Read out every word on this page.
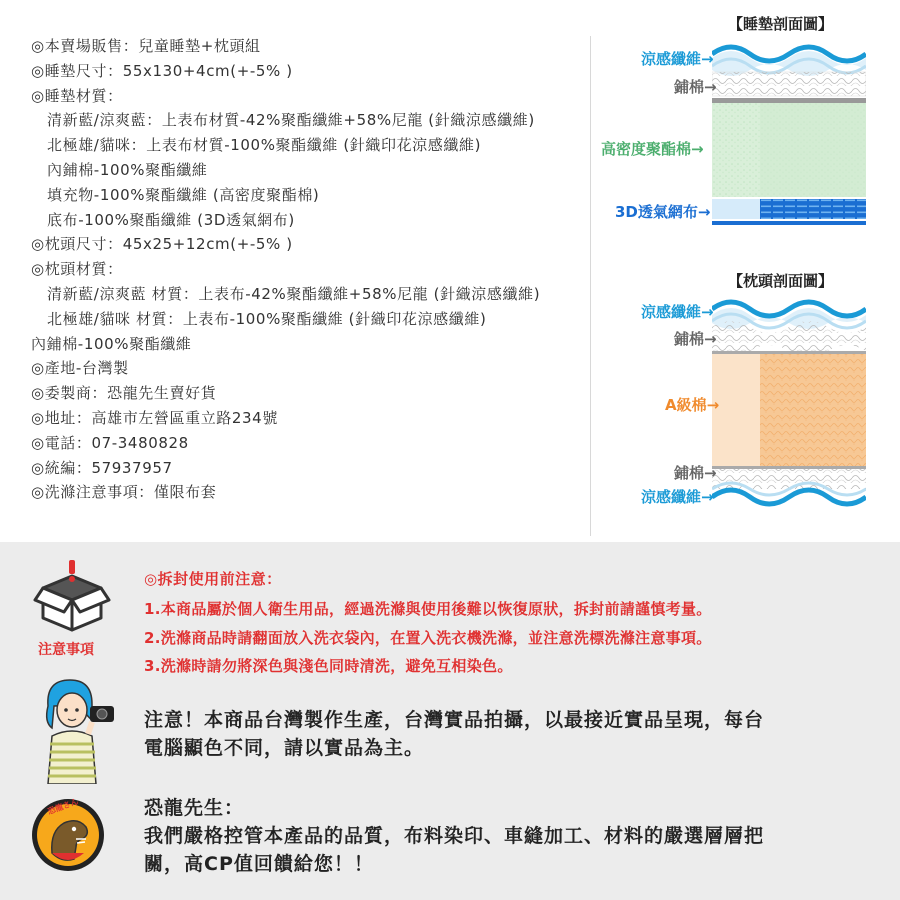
◎本賣場販售：兒童睡墊+枕頭組
◎睡墊尺寸：55x130+4cm(+-5% )
◎睡墊材質：
清新藍/涼爽藍：上表布材質-42%聚酯纖維+58%尼龍 (針織涼感纖維)
北極雄/貓咪：上表布材質-100%聚酯纖維 (針織印花涼感纖維)
內鋪棉-100%聚酯纖維
填充物-100%聚酯纖維 (高密度聚酯棉)
底布-100%聚酯纖維 (3D透氣網布)
◎枕頭尺寸：45x25+12cm(+-5% )
◎枕頭材質：
清新藍/涼爽藍 材質：上表布-42%聚酯纖維+58%尼龍 (針織涼感纖維)
北極雄/貓咪 材質：上表布-100%聚酯纖維 (針織印花涼感纖維)
內鋪棉-100%聚酯纖維
◎產地-台灣製
◎委製商：恐龍先生賣好貨
◎地址：高雄市左營區重立路234號
◎電話：07-3480828
◎統編：57937957
◎洗滌注意事項：僅限布套
【睡墊剖面圖】
涼感纖維→
鋪棉→
高密度聚酯棉→
3D透氣網布→
【枕頭剖面圖】
涼感纖維→
鋪棉→
A級棉→
鋪棉→
涼感纖維→
注意事項
◎拆封使用前注意：
1.本商品屬於個人衛生用品，經過洗滌與使用後難以恢復原狀，拆封前請謹慎考量。
2.洗滌商品時請翻面放入洗衣袋內，在置入洗衣機洗滌，並注意洗標洗滌注意事項。
3.洗滌時請勿將深色與淺色同時清洗，避免互相染色。
注意！本商品台灣製作生產，台灣實品拍攝，以最接近實品呈現，每台
電腦顯色不同，請以實品為主。
恐龍さん	恐龍先生：
我們嚴格控管本產品的品質，布料染印、車縫加工、材料的嚴選層層把
關，高CP值回饋給您！！
